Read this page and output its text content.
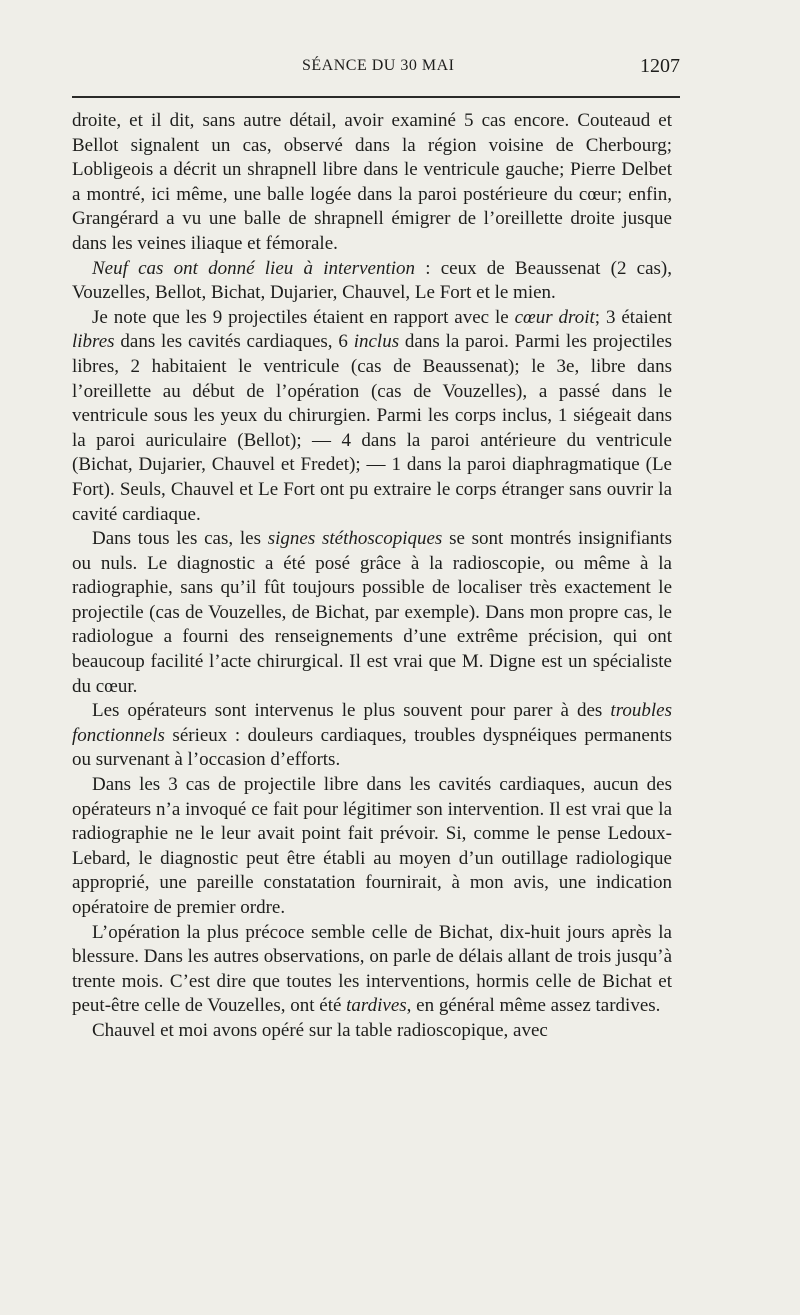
SÉANCE DU 30 MAI	1207

droite, et il dit, sans autre détail, avoir examiné 5 cas encore. Couteaud et Bellot signalent un cas, observé dans la région voisine de Cherbourg; Lobligeois a décrit un shrapnell libre dans le ventricule gauche; Pierre Delbet a montré, ici même, une balle logée dans la paroi postérieure du cœur; enfin, Grangérard a vu une balle de shrapnell émigrer de l’oreillette droite jusque dans les veines iliaque et fémorale.

Neuf cas ont donné lieu à intervention : ceux de Beaussenat (2 cas), Vouzelles, Bellot, Bichat, Dujarier, Chauvel, Le Fort et le mien.

Je note que les 9 projectiles étaient en rapport avec le cœur droit; 3 étaient libres dans les cavités cardiaques, 6 inclus dans la paroi. Parmi les projectiles libres, 2 habitaient le ventricule (cas de Beaussenat); le 3e, libre dans l’oreillette au début de l’opération (cas de Vouzelles), a passé dans le ventricule sous les yeux du chirurgien. Parmi les corps inclus, 1 siégeait dans la paroi auriculaire (Bellot); — 4 dans la paroi antérieure du ventricule (Bichat, Dujarier, Chauvel et Fredet); — 1 dans la paroi diaphragmatique (Le Fort). Seuls, Chauvel et Le Fort ont pu extraire le corps étranger sans ouvrir la cavité cardiaque.

Dans tous les cas, les signes stéthoscopiques se sont montrés insignifiants ou nuls. Le diagnostic a été posé grâce à la radioscopie, ou même à la radiographie, sans qu’il fût toujours possible de localiser très exactement le projectile (cas de Vouzelles, de Bichat, par exemple). Dans mon propre cas, le radiologue a fourni des renseignements d’une extrême précision, qui ont beaucoup facilité l’acte chirurgical. Il est vrai que M. Digne est un spécialiste du cœur.

Les opérateurs sont intervenus le plus souvent pour parer à des troubles fonctionnels sérieux : douleurs cardiaques, troubles dyspnéiques permanents ou survenant à l’occasion d’efforts.

Dans les 3 cas de projectile libre dans les cavités cardiaques, aucun des opérateurs n’a invoqué ce fait pour légitimer son intervention. Il est vrai que la radiographie ne le leur avait point fait prévoir. Si, comme le pense Ledoux-Lebard, le diagnostic peut être établi au moyen d’un outillage radiologique approprié, une pareille constatation fournirait, à mon avis, une indication opératoire de premier ordre.

L’opération la plus précoce semble celle de Bichat, dix-huit jours après la blessure. Dans les autres observations, on parle de délais allant de trois jusqu’à trente mois. C’est dire que toutes les interventions, hormis celle de Bichat et peut-être celle de Vouzelles, ont été tardives, en général même assez tardives.

Chauvel et moi avons opéré sur la table radioscopique, avec
